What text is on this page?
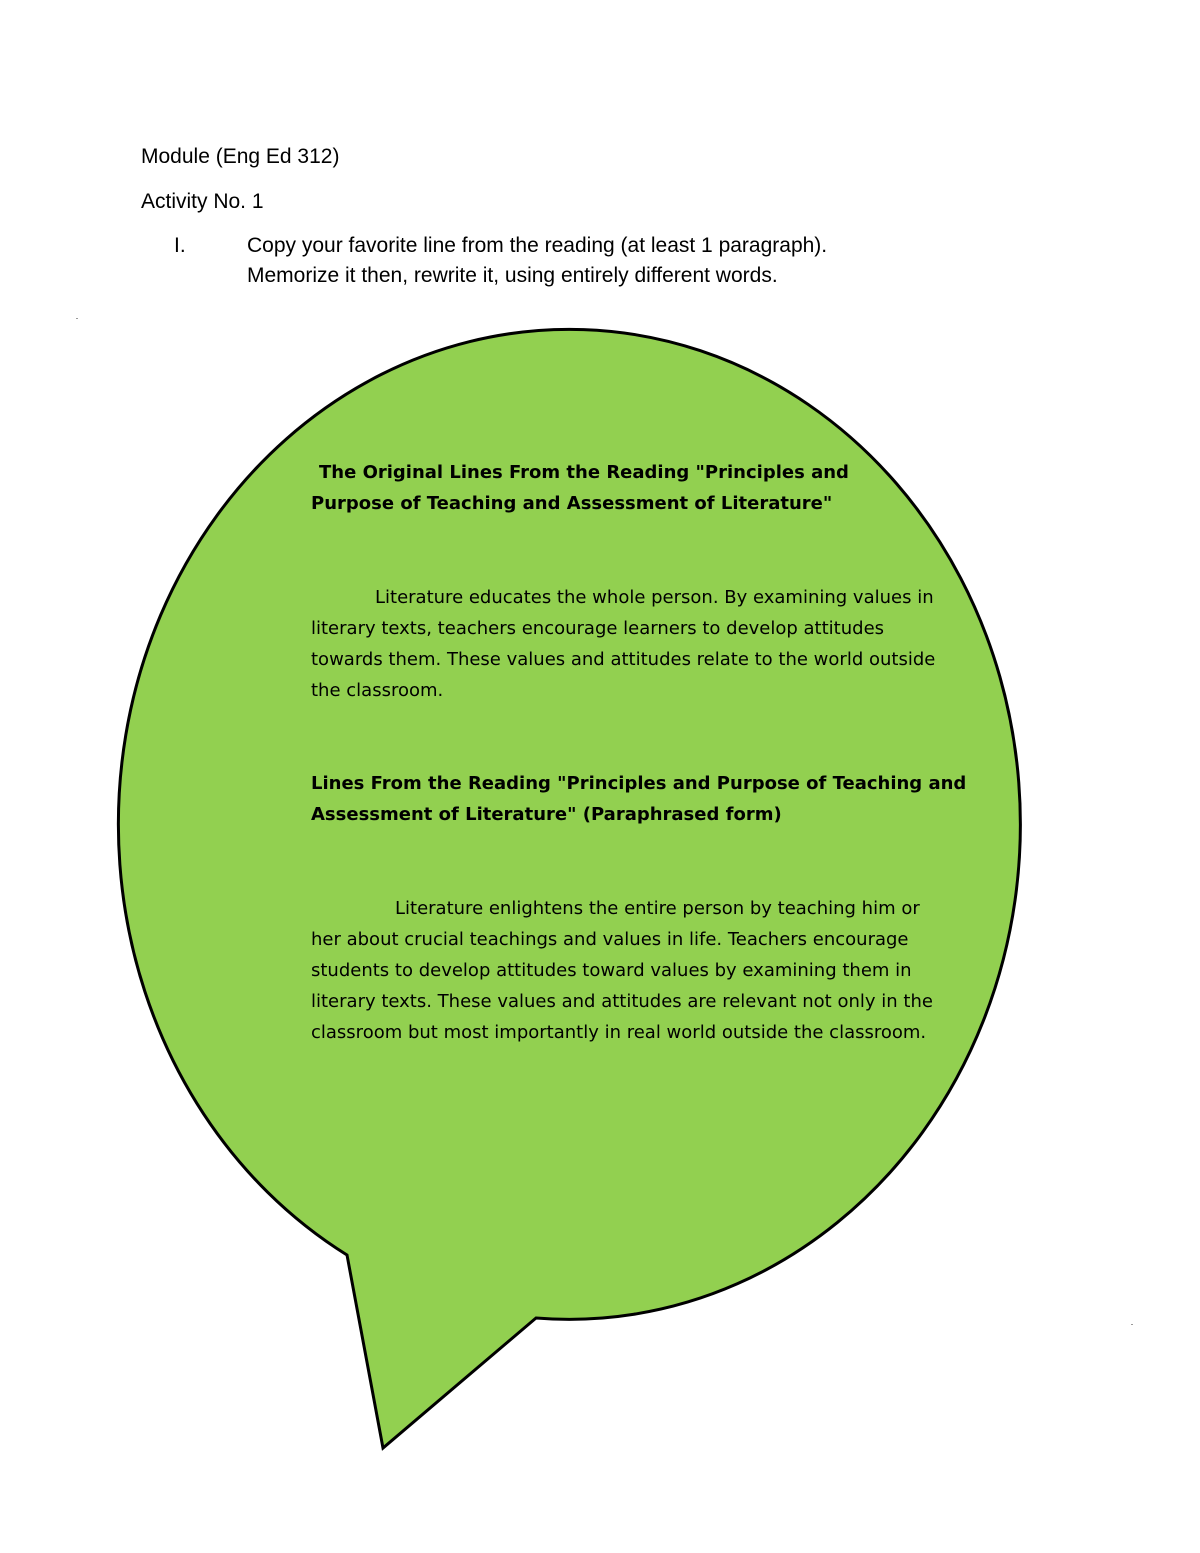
Module (Eng Ed 312)
Activity No. 1
I.	Copy your favorite line from the reading (at least 1 paragraph).
Memorize it then, rewrite it, using entirely different words.

The Original Lines From the Reading "Principles and

Purpose of Teaching and Assessment of Literature"

Literature educates the whole person. By examining values in literary texts, teachers encourage learners to develop attitudes towards them. These values and attitudes relate to the world outside the classroom.

Lines From the Reading "Principles and Purpose of Teaching and

Assessment of Literature" (Paraphrased form)

Literature enlightens the entire person by teaching him or her about crucial teachings and values in life. Teachers encourage students to develop attitudes toward values by examining them in literary texts. These values and attitudes are relevant not only in the classroom but most importantly in real world outside the classroom.
